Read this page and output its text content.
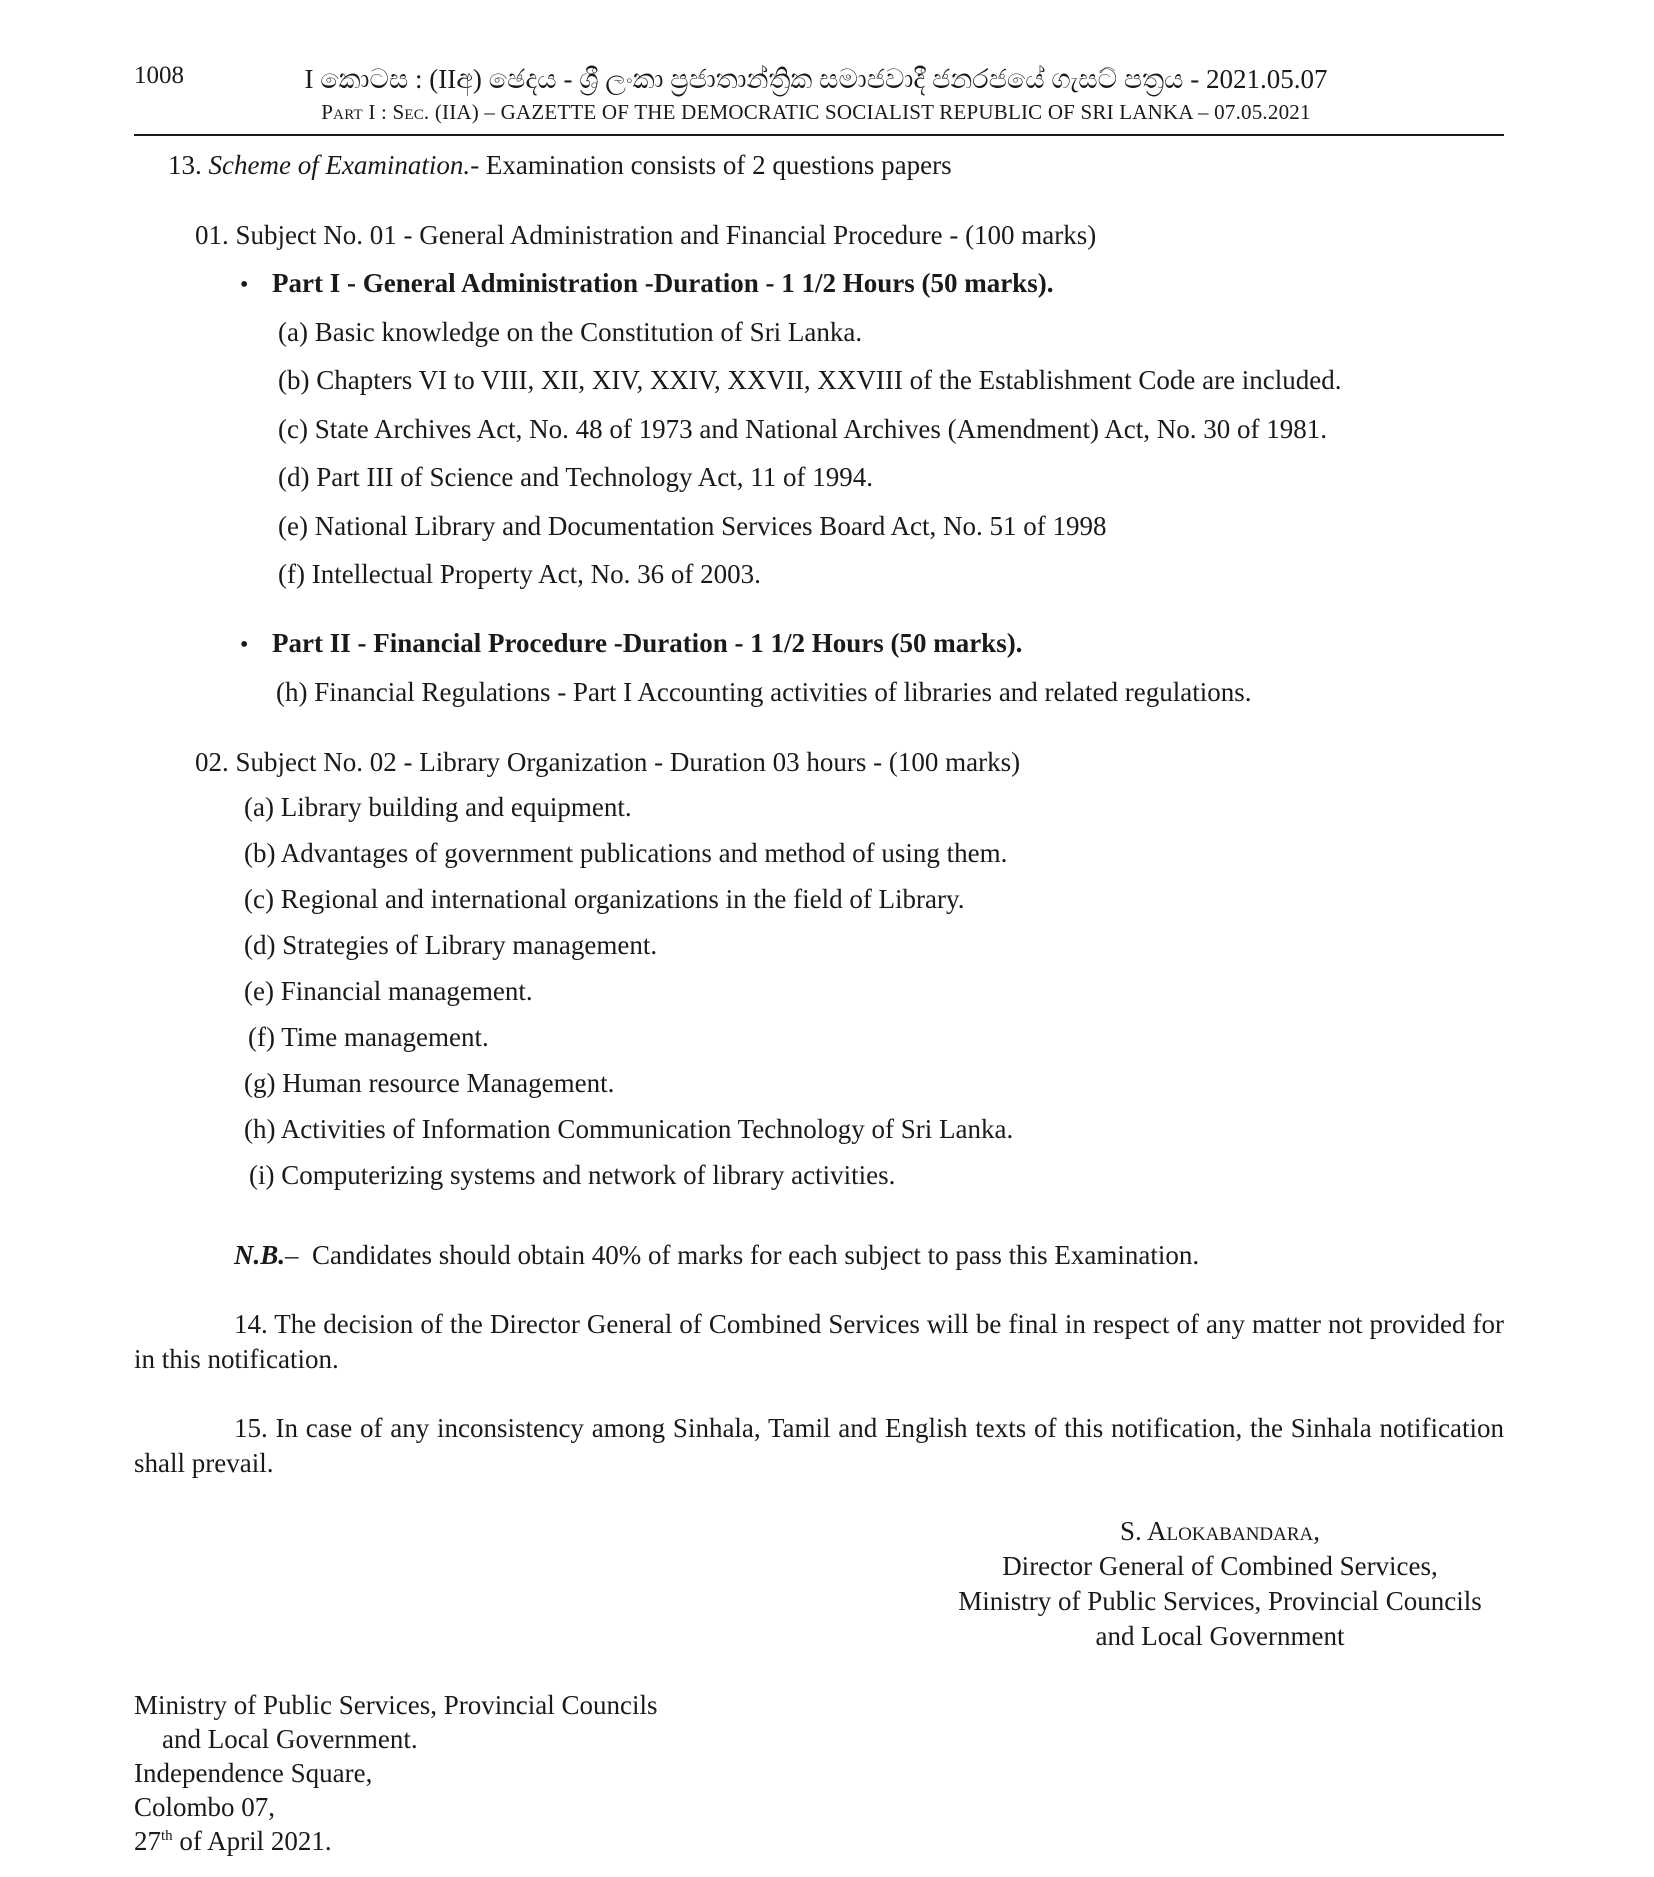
1008	I කොටස : (IIඅ) ඡෙදය - ශ්‍රී ලංකා ප්‍රජාතාන්ත්‍රික සමාජවාදී ජනරජයේ ගැසට් පත්‍රය - 2021.05.07
Part I : Sec. (IIA) – GAZETTE OF THE DEMOCRATIC SOCIALIST REPUBLIC OF SRI LANKA – 07.05.2021
13. Scheme of Examination.- Examination consists of 2 questions papers
01. Subject No. 01 - General Administration and Financial Procedure - (100 marks)
• Part I - General Administration -Duration - 1 1/2 Hours (50 marks).
(a) Basic knowledge on the Constitution of Sri Lanka.
(b) Chapters VI to VIII, XII, XIV, XXIV, XXVII, XXVIII of the Establishment Code are included.
(c) State Archives Act, No. 48 of 1973 and National Archives (Amendment) Act, No. 30 of 1981.
(d) Part III of Science and Technology Act, 11 of 1994.
(e) National Library and Documentation Services Board Act, No. 51 of 1998
(f) Intellectual Property Act, No. 36 of 2003.
• Part II - Financial Procedure -Duration - 1 1/2 Hours (50 marks).
(h) Financial Regulations - Part I Accounting activities of libraries and related regulations.
02. Subject No. 02 - Library Organization - Duration 03 hours - (100 marks)
(a) Library building and equipment.
(b) Advantages of government publications and method of using them.
(c) Regional and international organizations in the field of Library.
(d) Strategies of Library management.
(e) Financial management.
(f) Time management.
(g) Human resource Management.
(h) Activities of Information Communication Technology of Sri Lanka.
(i) Computerizing systems and network of library activities.
N.B.– Candidates should obtain 40% of marks for each subject to pass this Examination.
14. The decision of the Director General of Combined Services will be final in respect of any matter not provided for in this notification.
15. In case of any inconsistency among Sinhala, Tamil and English texts of this notification, the Sinhala notification shall prevail.
S. Alokabandara,
Director General of Combined Services,
Ministry of Public Services, Provincial Councils
and Local Government
Ministry of Public Services, Provincial Councils
and Local Government.
Independence Square,
Colombo 07,
27th of April 2021.
